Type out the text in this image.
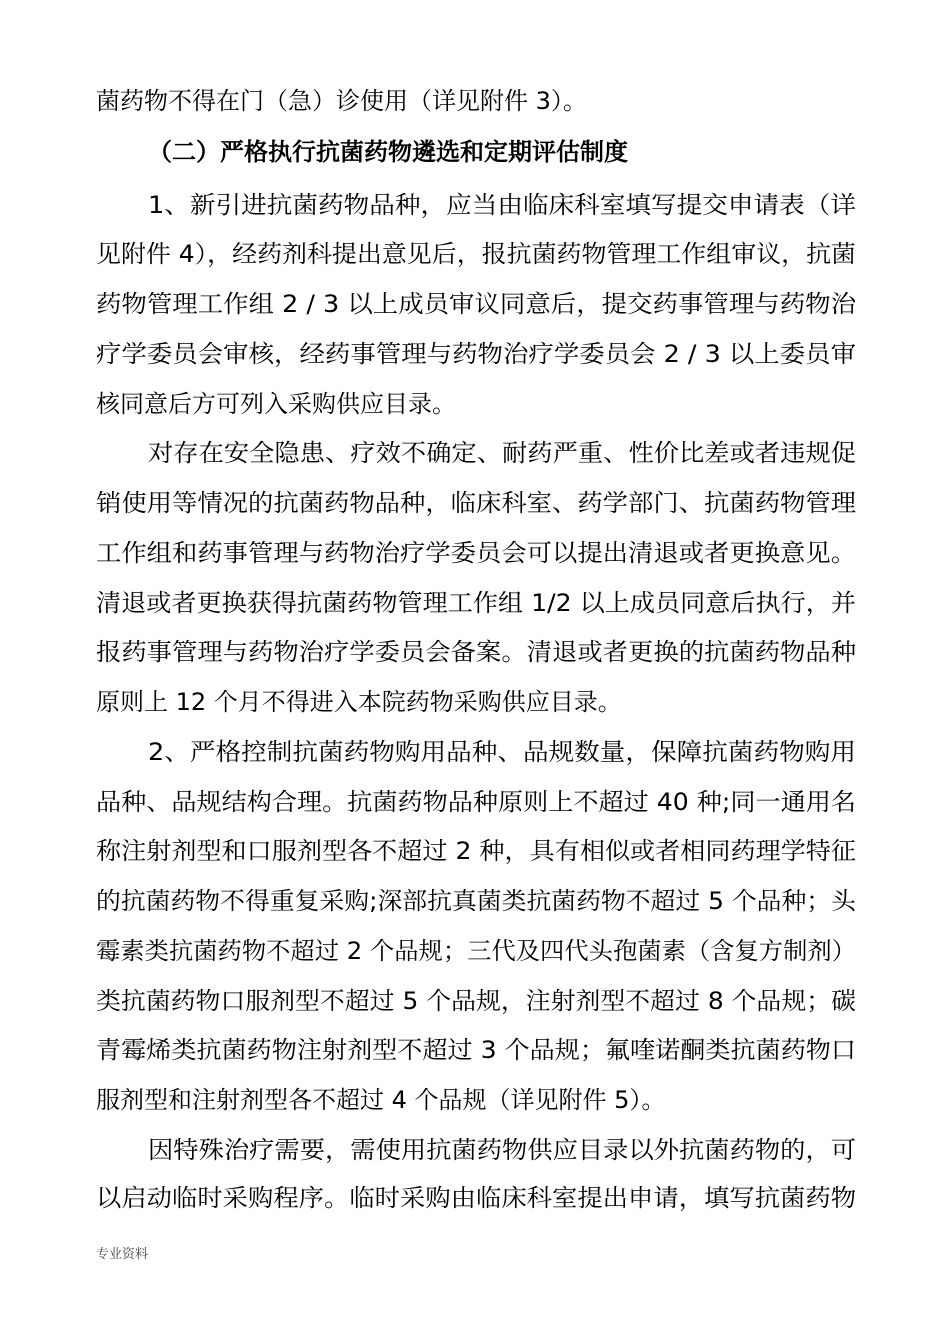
菌药物不得在门（急）诊使用（详见附件 3）。
（二）严格执行抗菌药物遴选和定期评估制度
1、新引进抗菌药物品种，应当由临床科室填写提交申请表（详
见附件 4），经药剂科提出意见后，报抗菌药物管理工作组审议，抗菌
药物管理工作组 2 / 3 以上成员审议同意后，提交药事管理与药物治
疗学委员会审核，经药事管理与药物治疗学委员会 2 / 3 以上委员审
核同意后方可列入采购供应目录。
对存在安全隐患、疗效不确定、耐药严重、性价比差或者违规促
销使用等情况的抗菌药物品种，临床科室、药学部门、抗菌药物管理
工作组和药事管理与药物治疗学委员会可以提出清退或者更换意见。
清退或者更换获得抗菌药物管理工作组 1/2 以上成员同意后执行，并
报药事管理与药物治疗学委员会备案。清退或者更换的抗菌药物品种
原则上 12 个月不得进入本院药物采购供应目录。
2、严格控制抗菌药物购用品种、品规数量，保障抗菌药物购用
品种、品规结构合理。抗菌药物品种原则上不超过 40 种;同一通用名
称注射剂型和口服剂型各不超过 2 种，具有相似或者相同药理学特征
的抗菌药物不得重复采购;深部抗真菌类抗菌药物不超过 5 个品种；头
霉素类抗菌药物不超过 2 个品规；三代及四代头孢菌素（含复方制剂）
类抗菌药物口服剂型不超过 5 个品规，注射剂型不超过 8 个品规；碳
青霉烯类抗菌药物注射剂型不超过 3 个品规；氟喹诺酮类抗菌药物口
服剂型和注射剂型各不超过 4 个品规（详见附件 5）。
因特殊治疗需要，需使用抗菌药物供应目录以外抗菌药物的，可
以启动临时采购程序。临时采购由临床科室提出申请，填写抗菌药物
专业资料
